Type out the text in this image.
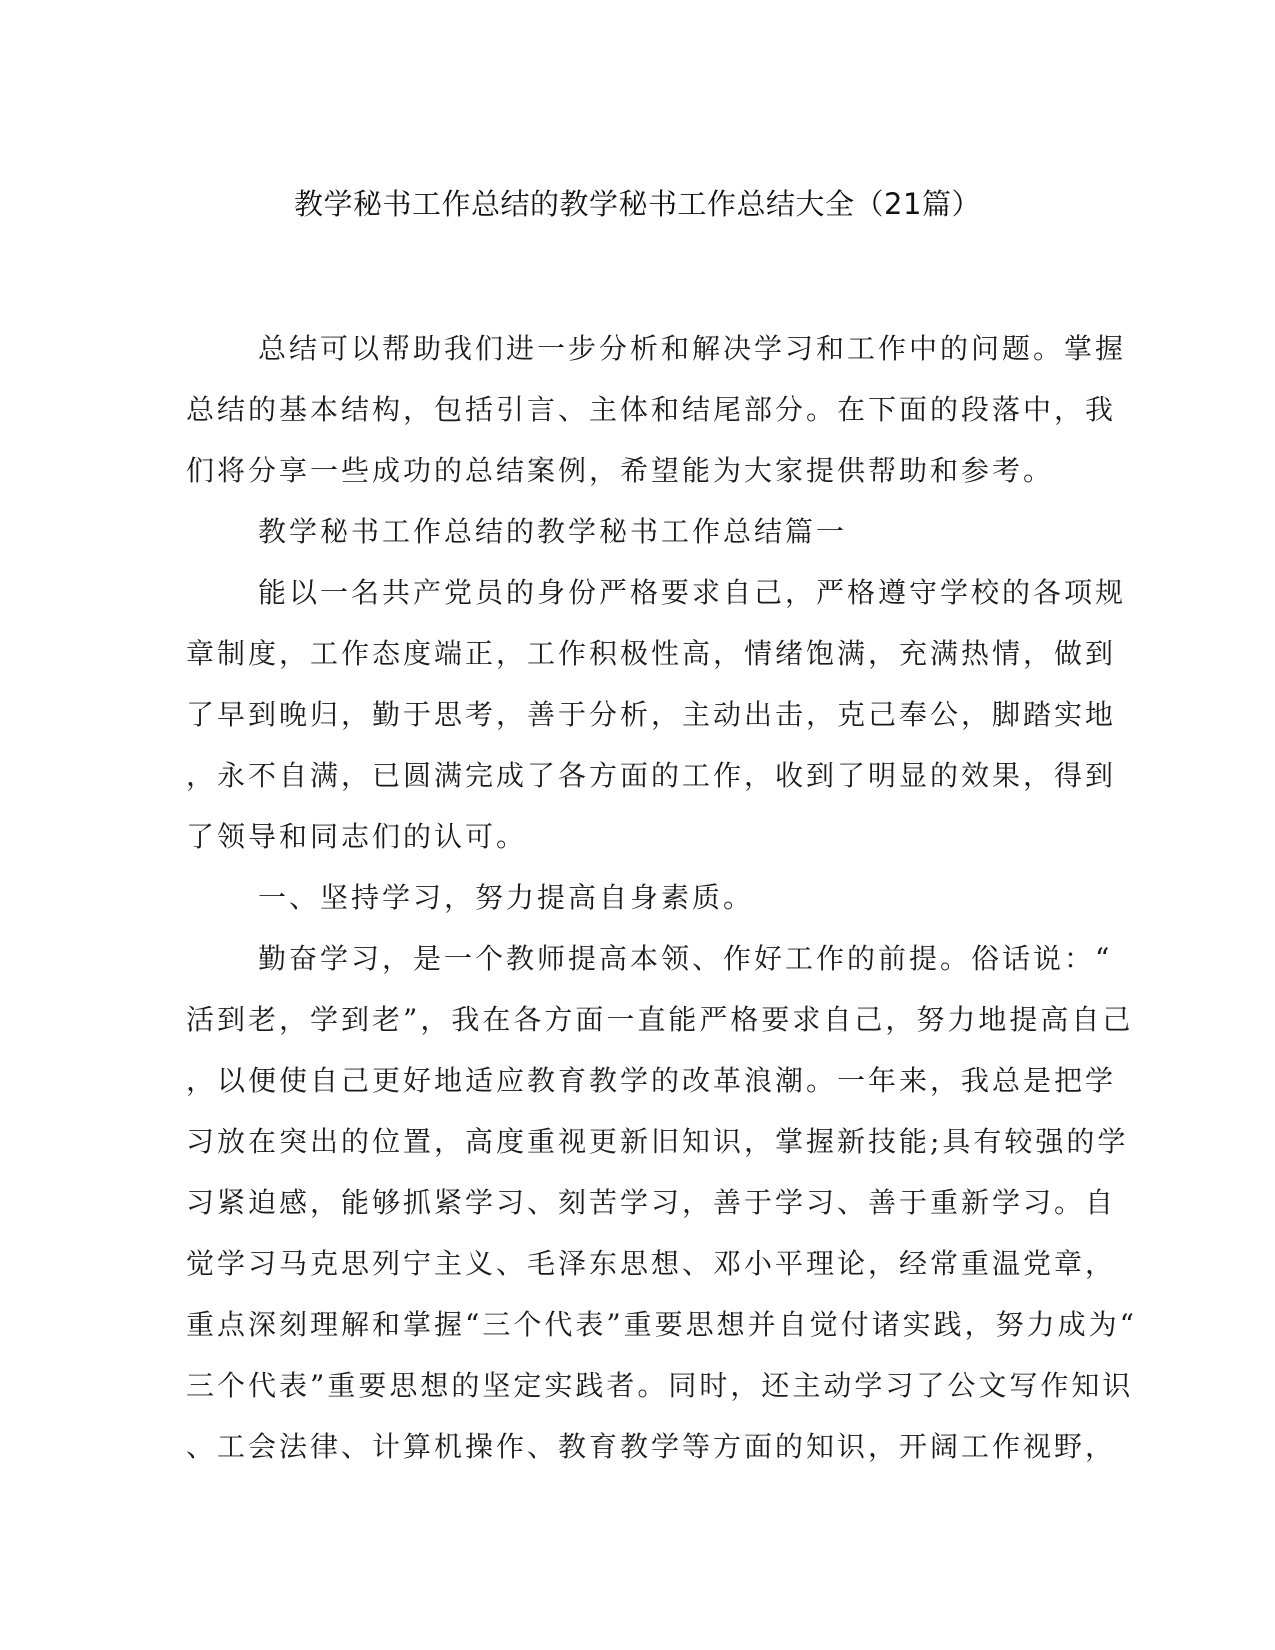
教学秘书工作总结的教学秘书工作总结大全（21篇）
总结可以帮助我们进一步分析和解决学习和工作中的问题。掌握
总结的基本结构，包括引言、主体和结尾部分。在下面的段落中，我
们将分享一些成功的总结案例，希望能为大家提供帮助和参考。
教学秘书工作总结的教学秘书工作总结篇一
能以一名共产党员的身份严格要求自己，严格遵守学校的各项规
章制度，工作态度端正，工作积极性高，情绪饱满，充满热情，做到
了早到晚归，勤于思考，善于分析，主动出击，克己奉公，脚踏实地
，永不自满，已圆满完成了各方面的工作，收到了明显的效果，得到
了领导和同志们的认可。
一、坚持学习，努力提高自身素质。
勤奋学习，是一个教师提高本领、作好工作的前提。俗话说：“
活到老，学到老”，我在各方面一直能严格要求自己，努力地提高自己
，以便使自己更好地适应教育教学的改革浪潮。一年来，我总是把学
习放在突出的位置，高度重视更新旧知识，掌握新技能;具有较强的学
习紧迫感，能够抓紧学习、刻苦学习，善于学习、善于重新学习。自
觉学习马克思列宁主义、毛泽东思想、邓小平理论，经常重温党章，
重点深刻理解和掌握“三个代表”重要思想并自觉付诸实践，努力成为“
三个代表”重要思想的坚定实践者。同时，还主动学习了公文写作知识
、工会法律、计算机操作、教育教学等方面的知识，开阔工作视野，
